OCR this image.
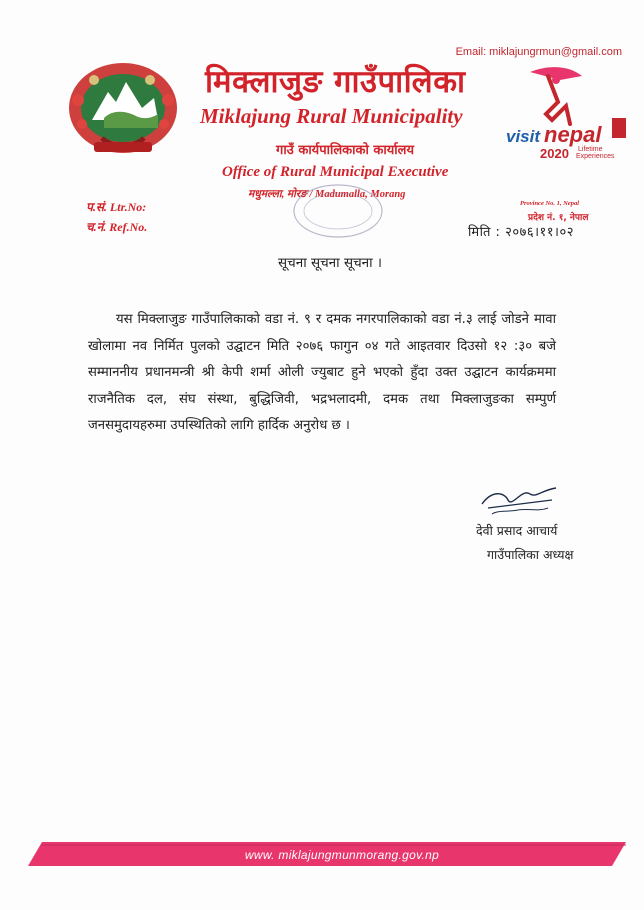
Email: miklajungrmun@gmail.com
मिक्लाजुङ गाउँपालिका
Miklajung Rural Municipality
गाउँ कार्यपालिकाको कार्यालय
Office of Rural Municipal Executive
मधुमल्ला, मोरङ / Madumalla, Morang
visit nepal
2020 Lifetime
Experiences
प.सं. Ltr.No:
च.नं. Ref.No.
Province No. 1, Nepal
प्रदेश नं. १, नेपाल
मिति : २०७६।११।०२
सूचना सूचना सूचना ।

यस मिक्लाजुङ गाउँपालिकाको वडा नं. ९ र दमक नगरपालिकाको वडा नं.३ लाई जोडने मावा खोलामा नव निर्मित पुलको उद्घाटन मिति २०७६ फागुन ०४ गते आइतवार दिउसो १२ :३० बजे सम्माननीय प्रधानमन्त्री श्री केपी शर्मा ओली ज्युबाट हुने भएको हुँदा उक्त उद्घाटन कार्यक्रममा राजनैतिक दल, संघ संस्था, बुद्धिजिवी, भद्रभलादमी, दमक तथा मिक्लाजुङका सम्पुर्ण जनसमुदायहरुमा उपस्थितिको लागि हार्दिक अनुरोध छ ।

देवी प्रसाद आचार्य
गाउँपालिका अध्यक्ष
www. miklajungmunmorang.gov.np
